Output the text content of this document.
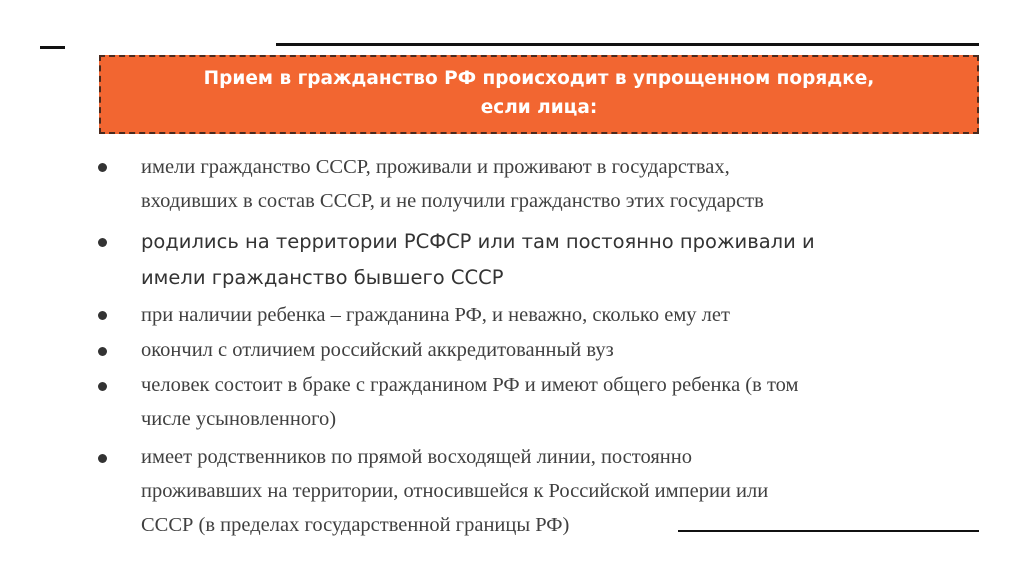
Прием в гражданство РФ происходит в упрощенном порядке,
если лица:
имели гражданство СССР, проживали и проживают в государствах,
входивших в состав СССР, и не получили гражданство этих государств
родились на территории РСФСР или там постоянно проживали и
имели гражданство бывшего СССР
при наличии ребенка – гражданина РФ, и неважно, сколько ему лет
окончил с отличием российский аккредитованный вуз
человек состоит в браке с гражданином РФ и имеют общего ребенка (в том
числе усыновленного)
имеет родственников по прямой восходящей линии, постоянно
проживавших на территории, относившейся к Российской империи или
СССР (в пределах государственной границы РФ)
